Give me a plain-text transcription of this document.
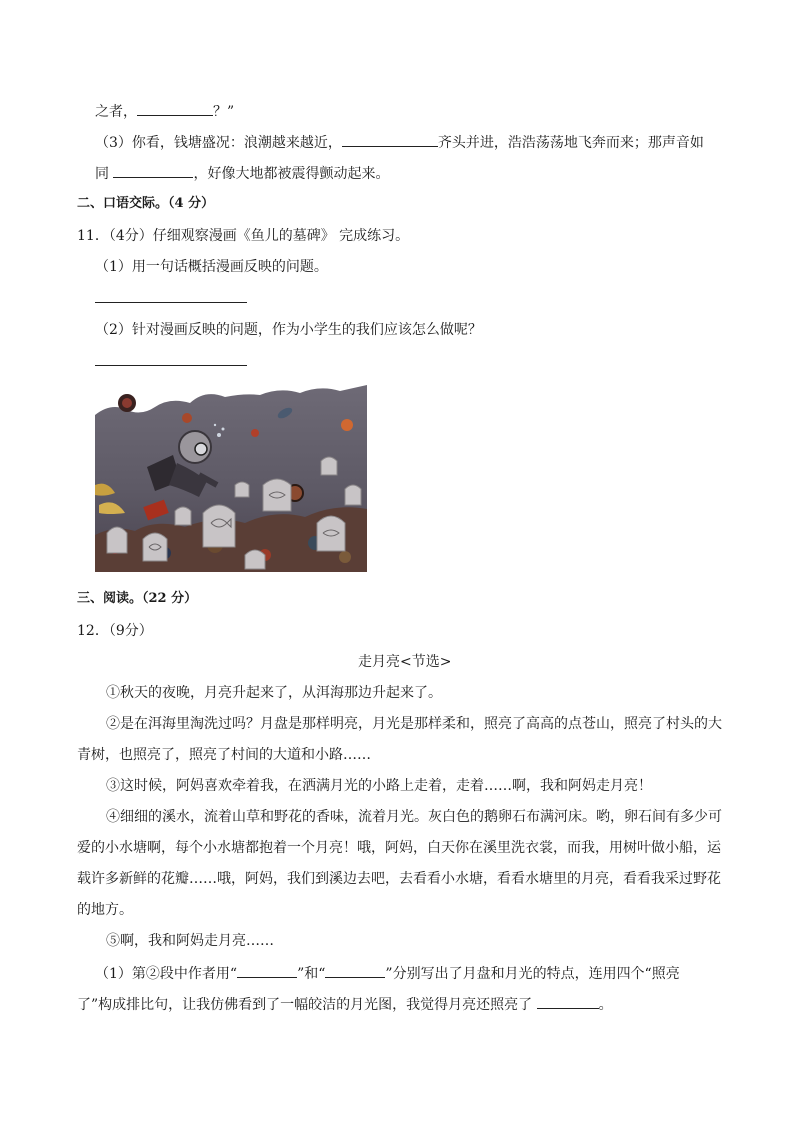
之者，	？”
（3）你看，钱塘盛况：浪潮越来越近，	齐头并进，浩浩荡荡地飞奔而来；那声音如
同	，好像大地都被震得颤动起来。
二、口语交际。（4 分）
11．（4分）仔细观察漫画《鱼儿的墓碑》 完成练习。
（1）用一句话概括漫画反映的问题。
（2）针对漫画反映的问题，作为小学生的我们应该怎么做呢？
三、阅读。（22 分）
12．（9分）
走月亮<节选>
①秋天的夜晚，月亮升起来了，从洱海那边升起来了。
②是在洱海里淘洗过吗？月盘是那样明亮，月光是那样柔和，照亮了高高的点苍山，照亮了村头的大
青树，也照亮了，照亮了村间的大道和小路……
③这时候，阿妈喜欢牵着我，在洒满月光的小路上走着，走着……啊，我和阿妈走月亮！
④细细的溪水，流着山草和野花的香味，流着月光。灰白色的鹅卵石布满河床。哟，卵石间有多少可
爱的小水塘啊，每个小水塘都抱着一个月亮！哦，阿妈，白天你在溪里洗衣裳，而我，用树叶做小船，运
载许多新鲜的花瓣……哦，阿妈，我们到溪边去吧，去看看小水塘，看看水塘里的月亮，看看我采过野花
的地方。
⑤啊，我和阿妈走月亮……
（1）第②段中作者用“	”和“	”分别写出了月盘和月光的特点，连用四个“照亮
了”构成排比句，让我仿佛看到了一幅皎洁的月光图，我觉得月亮还照亮了	。
